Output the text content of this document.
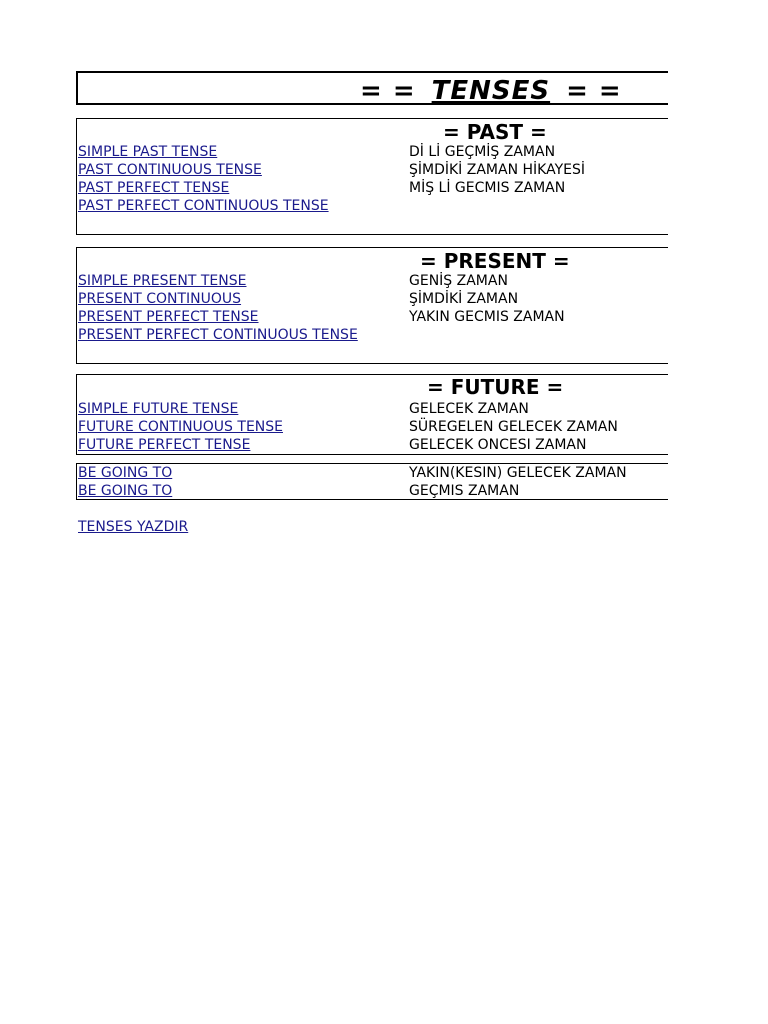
= = TENSES = =
= PAST =
SIMPLE PAST TENSE	Dİ Lİ GEÇMİŞ ZAMAN
PAST CONTINUOUS TENSE	ŞİMDİKİ ZAMAN HİKAYESİ
PAST PERFECT TENSE	MİŞ Lİ GECMIS ZAMAN
PAST PERFECT CONTINUOUS TENSE
= PRESENT =
SIMPLE PRESENT TENSE	GENİŞ ZAMAN
PRESENT CONTINUOUS	ŞİMDİKİ ZAMAN
PRESENT PERFECT TENSE	YAKIN GECMIS ZAMAN
PRESENT PERFECT CONTINUOUS TENSE
= FUTURE =
SIMPLE FUTURE TENSE	GELECEK ZAMAN
FUTURE CONTINUOUS TENSE	SÜREGELEN GELECEK ZAMAN
FUTURE PERFECT TENSE	GELECEK ONCESI ZAMAN
BE GOING TO	YAKIN(KESIN) GELECEK ZAMAN
BE GOING TO	GEÇMIS ZAMAN
TENSES YAZDIR
